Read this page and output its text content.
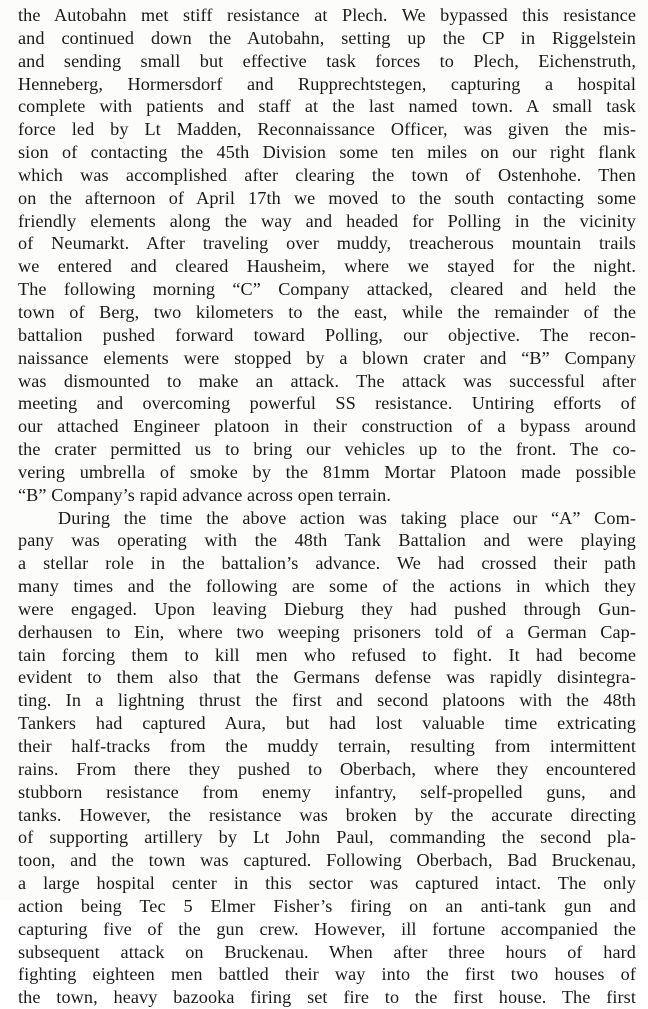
the Autobahn met stiff resistance at Plech. We bypassed this resistance
and continued down the Autobahn, setting up the CP in Riggelstein
and sending small but effective task forces to Plech, Eichenstruth,
Henneberg, Hormersdorf and Rupprechtstegen, capturing a hospital
complete with patients and staff at the last named town. A small task
force led by Lt Madden, Reconnaissance Officer, was given the mis-
sion of contacting the 45th Division some ten miles on our right flank
which was accomplished after clearing the town of Ostenhohe. Then
on the afternoon of April 17th we moved to the south contacting some
friendly elements along the way and headed for Polling in the vicinity
of Neumarkt. After traveling over muddy, treacherous mountain trails
we entered and cleared Hausheim, where we stayed for the night.
The following morning “C” Company attacked, cleared and held the
town of Berg, two kilometers to the east, while the remainder of the
battalion pushed forward toward Polling, our objective. The recon-
naissance elements were stopped by a blown crater and “B” Company
was dismounted to make an attack. The attack was successful after
meeting and overcoming powerful SS resistance. Untiring efforts of
our attached Engineer platoon in their construction of a bypass around
the crater permitted us to bring our vehicles up to the front. The co-
vering umbrella of smoke by the 81mm Mortar Platoon made possible
“B” Company’s rapid advance across open terrain.
During the time the above action was taking place our “A” Com-
pany was operating with the 48th Tank Battalion and were playing
a stellar role in the battalion’s advance. We had crossed their path
many times and the following are some of the actions in which they
were engaged. Upon leaving Dieburg they had pushed through Gun-
derhausen to Ein, where two weeping prisoners told of a German Cap-
tain forcing them to kill men who refused to fight. It had become
evident to them also that the Germans defense was rapidly disintegra-
ting. In a lightning thrust the first and second platoons with the 48th
Tankers had captured Aura, but had lost valuable time extricating
their half-tracks from the muddy terrain, resulting from intermittent
rains. From there they pushed to Oberbach, where they encountered
stubborn resistance from enemy infantry, self-propelled guns, and
tanks. However, the resistance was broken by the accurate directing
of supporting artillery by Lt John Paul, commanding the second pla-
toon, and the town was captured. Following Oberbach, Bad Bruckenau,
a large hospital center in this sector was captured intact. The only
action being Tec 5 Elmer Fisher’s firing on an anti-tank gun and
capturing five of the gun crew. However, ill fortune accompanied the
subsequent attack on Bruckenau. When after three hours of hard
fighting eighteen men battled their way into the first two houses of
the town, heavy bazooka firing set fire to the first house. The first
